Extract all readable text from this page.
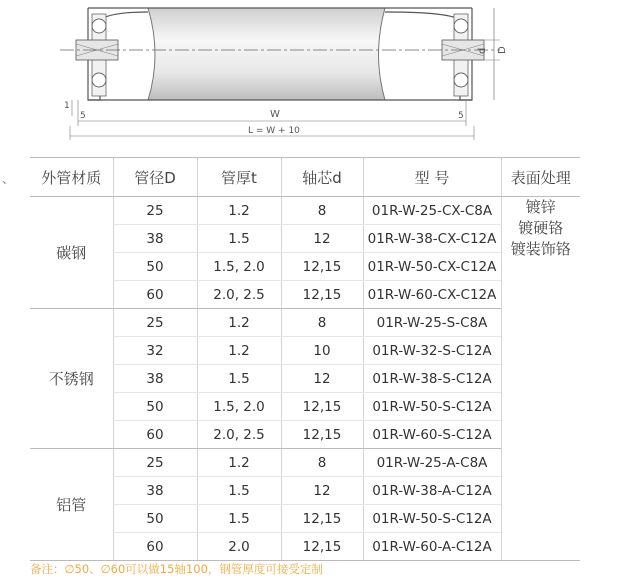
d D
1
5	5
W
L = W + 10
、 外管材质	管径D	管厚t	轴芯d	型 号	表面处理
碳钢	25	1.2	8	01R-W-25-CX-C8A	镀锌
镀硬铬
镀装饰铬

	38	1.5	12	01R-W-38-CX-C12A	
	50	1.5, 2.0	12,15	01R-W-50-CX-C12A	
	60	2.0, 2.5	12,15	01R-W-60-CX-C12A	
不锈钢	25	1.2	8	01R-W-25-S-C8A	
	32	1.2	10	01R-W-32-S-C12A	
	38	1.5	12	01R-W-38-S-C12A	
	50	1.5, 2.0	12,15	01R-W-50-S-C12A	
	60	2.0, 2.5	12,15	01R-W-60-S-C12A	
铝管	25	1.2	8	01R-W-25-A-C8A	
	38	1.5	12	01R-W-38-A-C12A	
	50	1.5	12,15	01R-W-50-S-C12A	
	60	2.0	12,15	01R-W-60-A-C12A	
备注：∅50、∅60可以做15轴100，钢管厚度可接受定制
